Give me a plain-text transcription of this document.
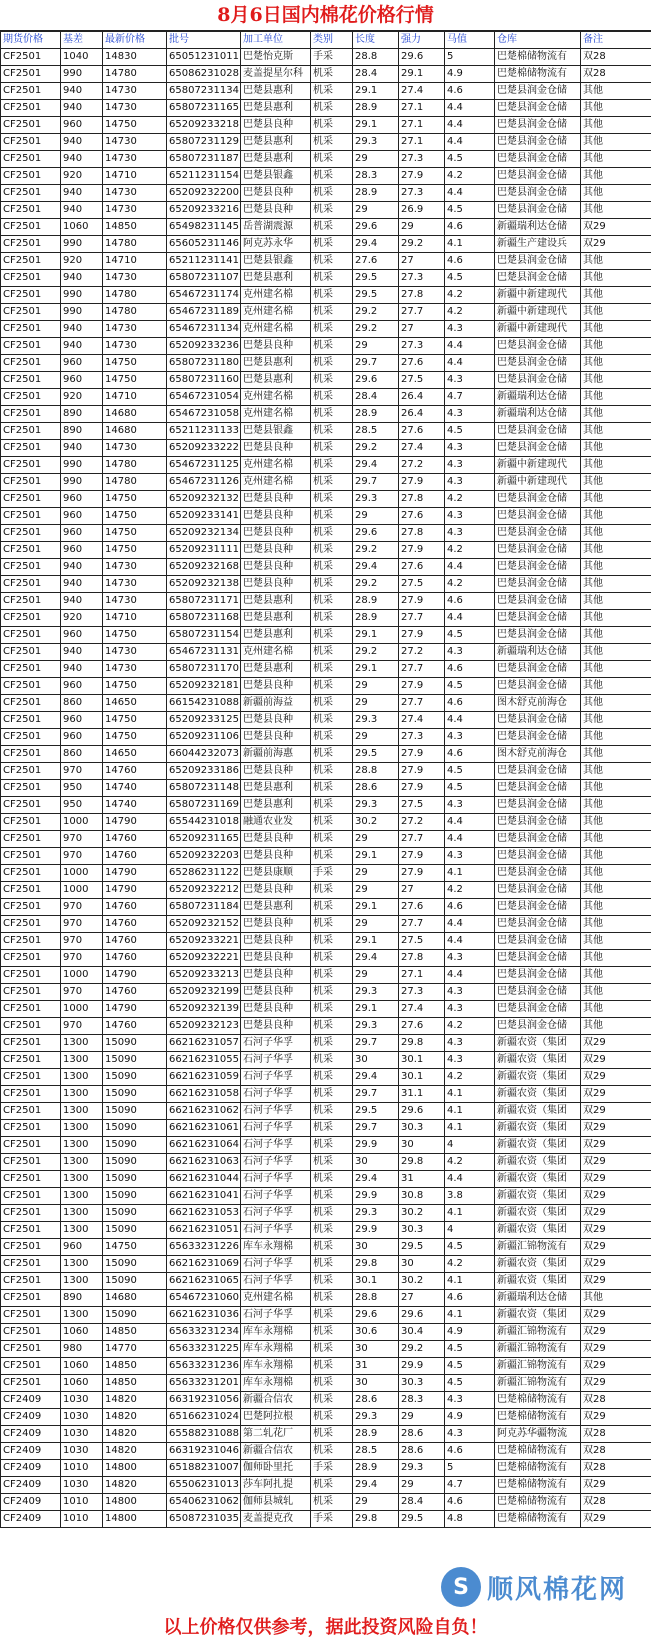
8月6日国内棉花价格行情
期货价格	基差	最新价格	批号	加工单位	类别	长度	强力	马值	仓库	备注
CF2501	1040	14830	65051231011	巴楚怡克斯	手采	28.8	29.6	5	巴楚棉储物流有	双28
CF2501	990	14780	65086231028	麦盖提星尔科	机采	28.4	29.1	4.9	巴楚棉储物流有	双28
CF2501	940	14730	65807231134	巴楚县惠利	机采	29.1	27.4	4.6	巴楚县润金仓储	其他
CF2501	940	14730	65807231165	巴楚县惠利	机采	28.9	27.1	4.4	巴楚县润金仓储	其他
CF2501	960	14750	65209233218	巴楚县良种	机采	29.1	27.1	4.4	巴楚县润金仓储	其他
CF2501	940	14730	65807231129	巴楚县惠利	机采	29.3	27.1	4.4	巴楚县润金仓储	其他
CF2501	940	14730	65807231187	巴楚县惠利	机采	29	27.3	4.5	巴楚县润金仓储	其他
CF2501	920	14710	65211231154	巴楚县银鑫	机采	28.3	27.9	4.2	巴楚县润金仓储	其他
CF2501	940	14730	65209232200	巴楚县良种	机采	28.9	27.3	4.4	巴楚县润金仓储	其他
CF2501	940	14730	65209233216	巴楚县良种	机采	29	26.9	4.5	巴楚县润金仓储	其他
CF2501	1060	14850	65498231145	岳普湖震源	机采	29.6	29	4.6	新疆瑞利达仓储	双29
CF2501	990	14780	65605231146	阿克苏永华	机采	29.4	29.2	4.1	新疆生产建设兵	双29
CF2501	920	14710	65211231141	巴楚县银鑫	机采	27.6	27	4.6	巴楚县润金仓储	其他
CF2501	940	14730	65807231107	巴楚县惠利	机采	29.5	27.3	4.5	巴楚县润金仓储	其他
CF2501	990	14780	65467231174	克州建名棉	机采	29.5	27.8	4.2	新疆中新建现代	其他
CF2501	990	14780	65467231189	克州建名棉	机采	29.2	27.7	4.2	新疆中新建现代	其他
CF2501	940	14730	65467231134	克州建名棉	机采	29.2	27	4.3	新疆中新建现代	其他
CF2501	940	14730	65209233236	巴楚县良种	机采	29	27.3	4.4	巴楚县润金仓储	其他
CF2501	960	14750	65807231180	巴楚县惠利	机采	29.7	27.6	4.4	巴楚县润金仓储	其他
CF2501	960	14750	65807231160	巴楚县惠利	机采	29.6	27.5	4.3	巴楚县润金仓储	其他
CF2501	920	14710	65467231054	克州建名棉	机采	28.4	26.4	4.7	新疆瑞利达仓储	其他
CF2501	890	14680	65467231058	克州建名棉	机采	28.9	26.4	4.3	新疆瑞利达仓储	其他
CF2501	890	14680	65211231133	巴楚县银鑫	机采	28.5	27.6	4.5	巴楚县润金仓储	其他
CF2501	940	14730	65209233222	巴楚县良种	机采	29.2	27.4	4.3	巴楚县润金仓储	其他
CF2501	990	14780	65467231125	克州建名棉	机采	29.4	27.2	4.3	新疆中新建现代	其他
CF2501	990	14780	65467231126	克州建名棉	机采	29.7	27.9	4.3	新疆中新建现代	其他
CF2501	960	14750	65209232132	巴楚县良种	机采	29.3	27.8	4.2	巴楚县润金仓储	其他
CF2501	960	14750	65209233141	巴楚县良种	机采	29	27.6	4.3	巴楚县润金仓储	其他
CF2501	960	14750	65209232134	巴楚县良种	机采	29.6	27.8	4.3	巴楚县润金仓储	其他
CF2501	960	14750	65209231111	巴楚县良种	机采	29.2	27.9	4.2	巴楚县润金仓储	其他
CF2501	940	14730	65209232168	巴楚县良种	机采	29.4	27.6	4.4	巴楚县润金仓储	其他
CF2501	940	14730	65209232138	巴楚县良种	机采	29.2	27.5	4.2	巴楚县润金仓储	其他
CF2501	940	14730	65807231171	巴楚县惠利	机采	28.9	27.9	4.6	巴楚县润金仓储	其他
CF2501	920	14710	65807231168	巴楚县惠利	机采	28.9	27.7	4.4	巴楚县润金仓储	其他
CF2501	960	14750	65807231154	巴楚县惠利	机采	29.1	27.9	4.5	巴楚县润金仓储	其他
CF2501	940	14730	65467231131	克州建名棉	机采	29.2	27.2	4.3	新疆瑞利达仓储	其他
CF2501	940	14730	65807231170	巴楚县惠利	机采	29.1	27.7	4.6	巴楚县润金仓储	其他
CF2501	960	14750	65209232181	巴楚县良种	机采	29	27.9	4.5	巴楚县润金仓储	其他
CF2501	860	14650	66154231088	新疆前海益	机采	29	27.7	4.6	图木舒克前海仓	其他
CF2501	960	14750	65209233125	巴楚县良种	机采	29.3	27.4	4.4	巴楚县润金仓储	其他
CF2501	960	14750	65209231106	巴楚县良种	机采	29	27.3	4.3	巴楚县润金仓储	其他
CF2501	860	14650	66044232073	新疆前海惠	机采	29.5	27.9	4.6	图木舒克前海仓	其他
CF2501	970	14760	65209233186	巴楚县良种	机采	28.8	27.9	4.5	巴楚县润金仓储	其他
CF2501	950	14740	65807231148	巴楚县惠利	机采	28.6	27.9	4.5	巴楚县润金仓储	其他
CF2501	950	14740	65807231169	巴楚县惠利	机采	29.3	27.5	4.3	巴楚县润金仓储	其他
CF2501	1000	14790	65544231018	融通农业发	机采	30.2	27.2	4.4	巴楚县润金仓储	其他
CF2501	970	14760	65209231165	巴楚县良种	机采	29	27.7	4.4	巴楚县润金仓储	其他
CF2501	970	14760	65209232203	巴楚县良种	机采	29.1	27.9	4.3	巴楚县润金仓储	其他
CF2501	1000	14790	65286231122	巴楚县康顺	手采	29	27.9	4.1	巴楚县润金仓储	其他
CF2501	1000	14790	65209232212	巴楚县良种	机采	29	27	4.2	巴楚县润金仓储	其他
CF2501	970	14760	65807231184	巴楚县惠利	机采	29.1	27.6	4.6	巴楚县润金仓储	其他
CF2501	970	14760	65209232152	巴楚县良种	机采	29	27.7	4.4	巴楚县润金仓储	其他
CF2501	970	14760	65209233221	巴楚县良种	机采	29.1	27.5	4.4	巴楚县润金仓储	其他
CF2501	970	14760	65209232221	巴楚县良种	机采	29.4	27.8	4.3	巴楚县润金仓储	其他
CF2501	1000	14790	65209233213	巴楚县良种	机采	29	27.1	4.4	巴楚县润金仓储	其他
CF2501	970	14760	65209232199	巴楚县良种	机采	29.3	27.3	4.3	巴楚县润金仓储	其他
CF2501	1000	14790	65209232139	巴楚县良种	机采	29.1	27.4	4.3	巴楚县润金仓储	其他
CF2501	970	14760	65209232123	巴楚县良种	机采	29.3	27.6	4.2	巴楚县润金仓储	其他
CF2501	1300	15090	66216231057	石河子华孚	机采	29.7	29.8	4.3	新疆农资（集团	双29
CF2501	1300	15090	66216231055	石河子华孚	机采	30	30.1	4.3	新疆农资（集团	双29
CF2501	1300	15090	66216231059	石河子华孚	机采	29.4	30.1	4.2	新疆农资（集团	双29
CF2501	1300	15090	66216231058	石河子华孚	机采	29.7	31.1	4.1	新疆农资（集团	双29
CF2501	1300	15090	66216231062	石河子华孚	机采	29.5	29.6	4.1	新疆农资（集团	双29
CF2501	1300	15090	66216231061	石河子华孚	机采	29.7	30.3	4.1	新疆农资（集团	双29
CF2501	1300	15090	66216231064	石河子华孚	机采	29.9	30	4	新疆农资（集团	双29
CF2501	1300	15090	66216231063	石河子华孚	机采	30	29.8	4.2	新疆农资（集团	双29
CF2501	1300	15090	66216231044	石河子华孚	机采	29.4	31	4.4	新疆农资（集团	双29
CF2501	1300	15090	66216231041	石河子华孚	机采	29.9	30.8	3.8	新疆农资（集团	双29
CF2501	1300	15090	66216231053	石河子华孚	机采	29.3	30.2	4.1	新疆农资（集团	双29
CF2501	1300	15090	66216231051	石河子华孚	机采	29.9	30.3	4	新疆农资（集团	双29
CF2501	960	14750	65633231226	库车永翔棉	机采	30	29.5	4.5	新疆汇锦物流有	双29
CF2501	1300	15090	66216231069	石河子华孚	机采	29.8	30	4.2	新疆农资（集团	双29
CF2501	1300	15090	66216231065	石河子华孚	机采	30.1	30.2	4.1	新疆农资（集团	双29
CF2501	890	14680	65467231060	克州建名棉	机采	28.8	27	4.6	新疆瑞利达仓储	其他
CF2501	1300	15090	66216231036	石河子华孚	机采	29.6	29.6	4.1	新疆农资（集团	双29
CF2501	1060	14850	65633231234	库车永翔棉	机采	30.6	30.4	4.9	新疆汇锦物流有	双29
CF2501	980	14770	65633231225	库车永翔棉	机采	30	29.2	4.5	新疆汇锦物流有	双29
CF2501	1060	14850	65633231236	库车永翔棉	机采	31	29.9	4.5	新疆汇锦物流有	双29
CF2501	1060	14850	65633231201	库车永翔棉	机采	30	30.3	4.5	新疆汇锦物流有	双29
CF2409	1030	14820	66319231056	新疆合信农	机采	28.6	28.3	4.3	巴楚棉储物流有	双28
CF2409	1030	14820	65166231024	巴楚阿拉根	机采	29.3	29	4.9	巴楚棉储物流有	双29
CF2409	1030	14820	65588231088	第二轧花厂	机采	28.9	28.6	4.3	阿克苏华疆物流	双28
CF2409	1030	14820	66319231046	新疆合信农	机采	28.5	28.6	4.6	巴楚棉储物流有	双28
CF2409	1010	14800	65188231007	伽师卧里托	手采	28.9	29.3	5	巴楚棉储物流有	双28
CF2409	1030	14820	65506231013	莎车阿扎提	机采	29.4	29	4.7	巴楚棉储物流有	双29
CF2409	1010	14800	65406231062	伽师县城轧	机采	29	28.4	4.6	巴楚棉储物流有	双28
CF2409	1010	14800	65087231035	麦盖提克孜	手采	29.8	29.5	4.8	巴楚棉储物流有	双29
S 顺风棉花网
以上价格仅供参考，据此投资风险自负！
